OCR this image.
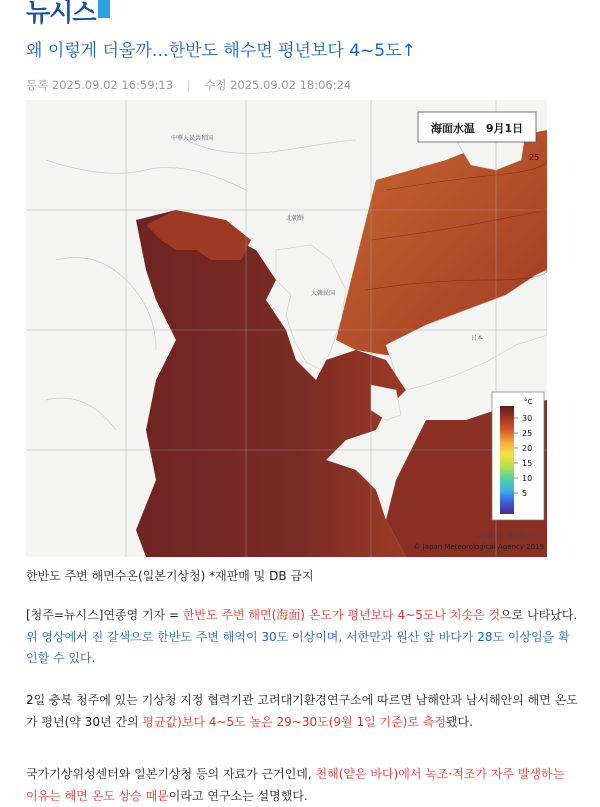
뉴시스
왜 이렇게 더울까…한반도 해수면 평년보다 4~5도↑
등록 2025.09.02 16:59:13 | 수정 2025.09.02 18:06:24
海面水温　9月1日
中華人民共和国
北朝鮮
大韓民国
日本
25
°C
30
25
20
15
10
5
地図出典：地理院タイル
© Japan Meteorological Agency 2019
한반도 주변 해면수온(일본기상청) *재판매 및 DB 금지
[청주=뉴시스]연종영 기자 = 한반도 주변 해면(海面) 온도가 평년보다 4~5도나 치솟은 것으로 나타났다. 위 영상에서 진 갈색으로 한반도 주변 해역이 30도 이상이며, 서한만과 원산 앞 바다가 28도 이상임을 확인할 수 있다.
2일 충북 청주에 있는 기상청 지정 협력기관 고려대기환경연구소에 따르면 남해안과 남서해안의 해면 온도가 평년(약 30년 간의 평균값)보다 4~5도 높은 29~30도(9월 1일 기준)로 측정됐다.
국가기상위성센터와 일본기상청 등의 자료가 근거인데, 천해(얕은 바다)에서 녹조·적조가 자주 발생하는 이유는 해면 온도 상승 때문이라고 연구소는 설명했다.
